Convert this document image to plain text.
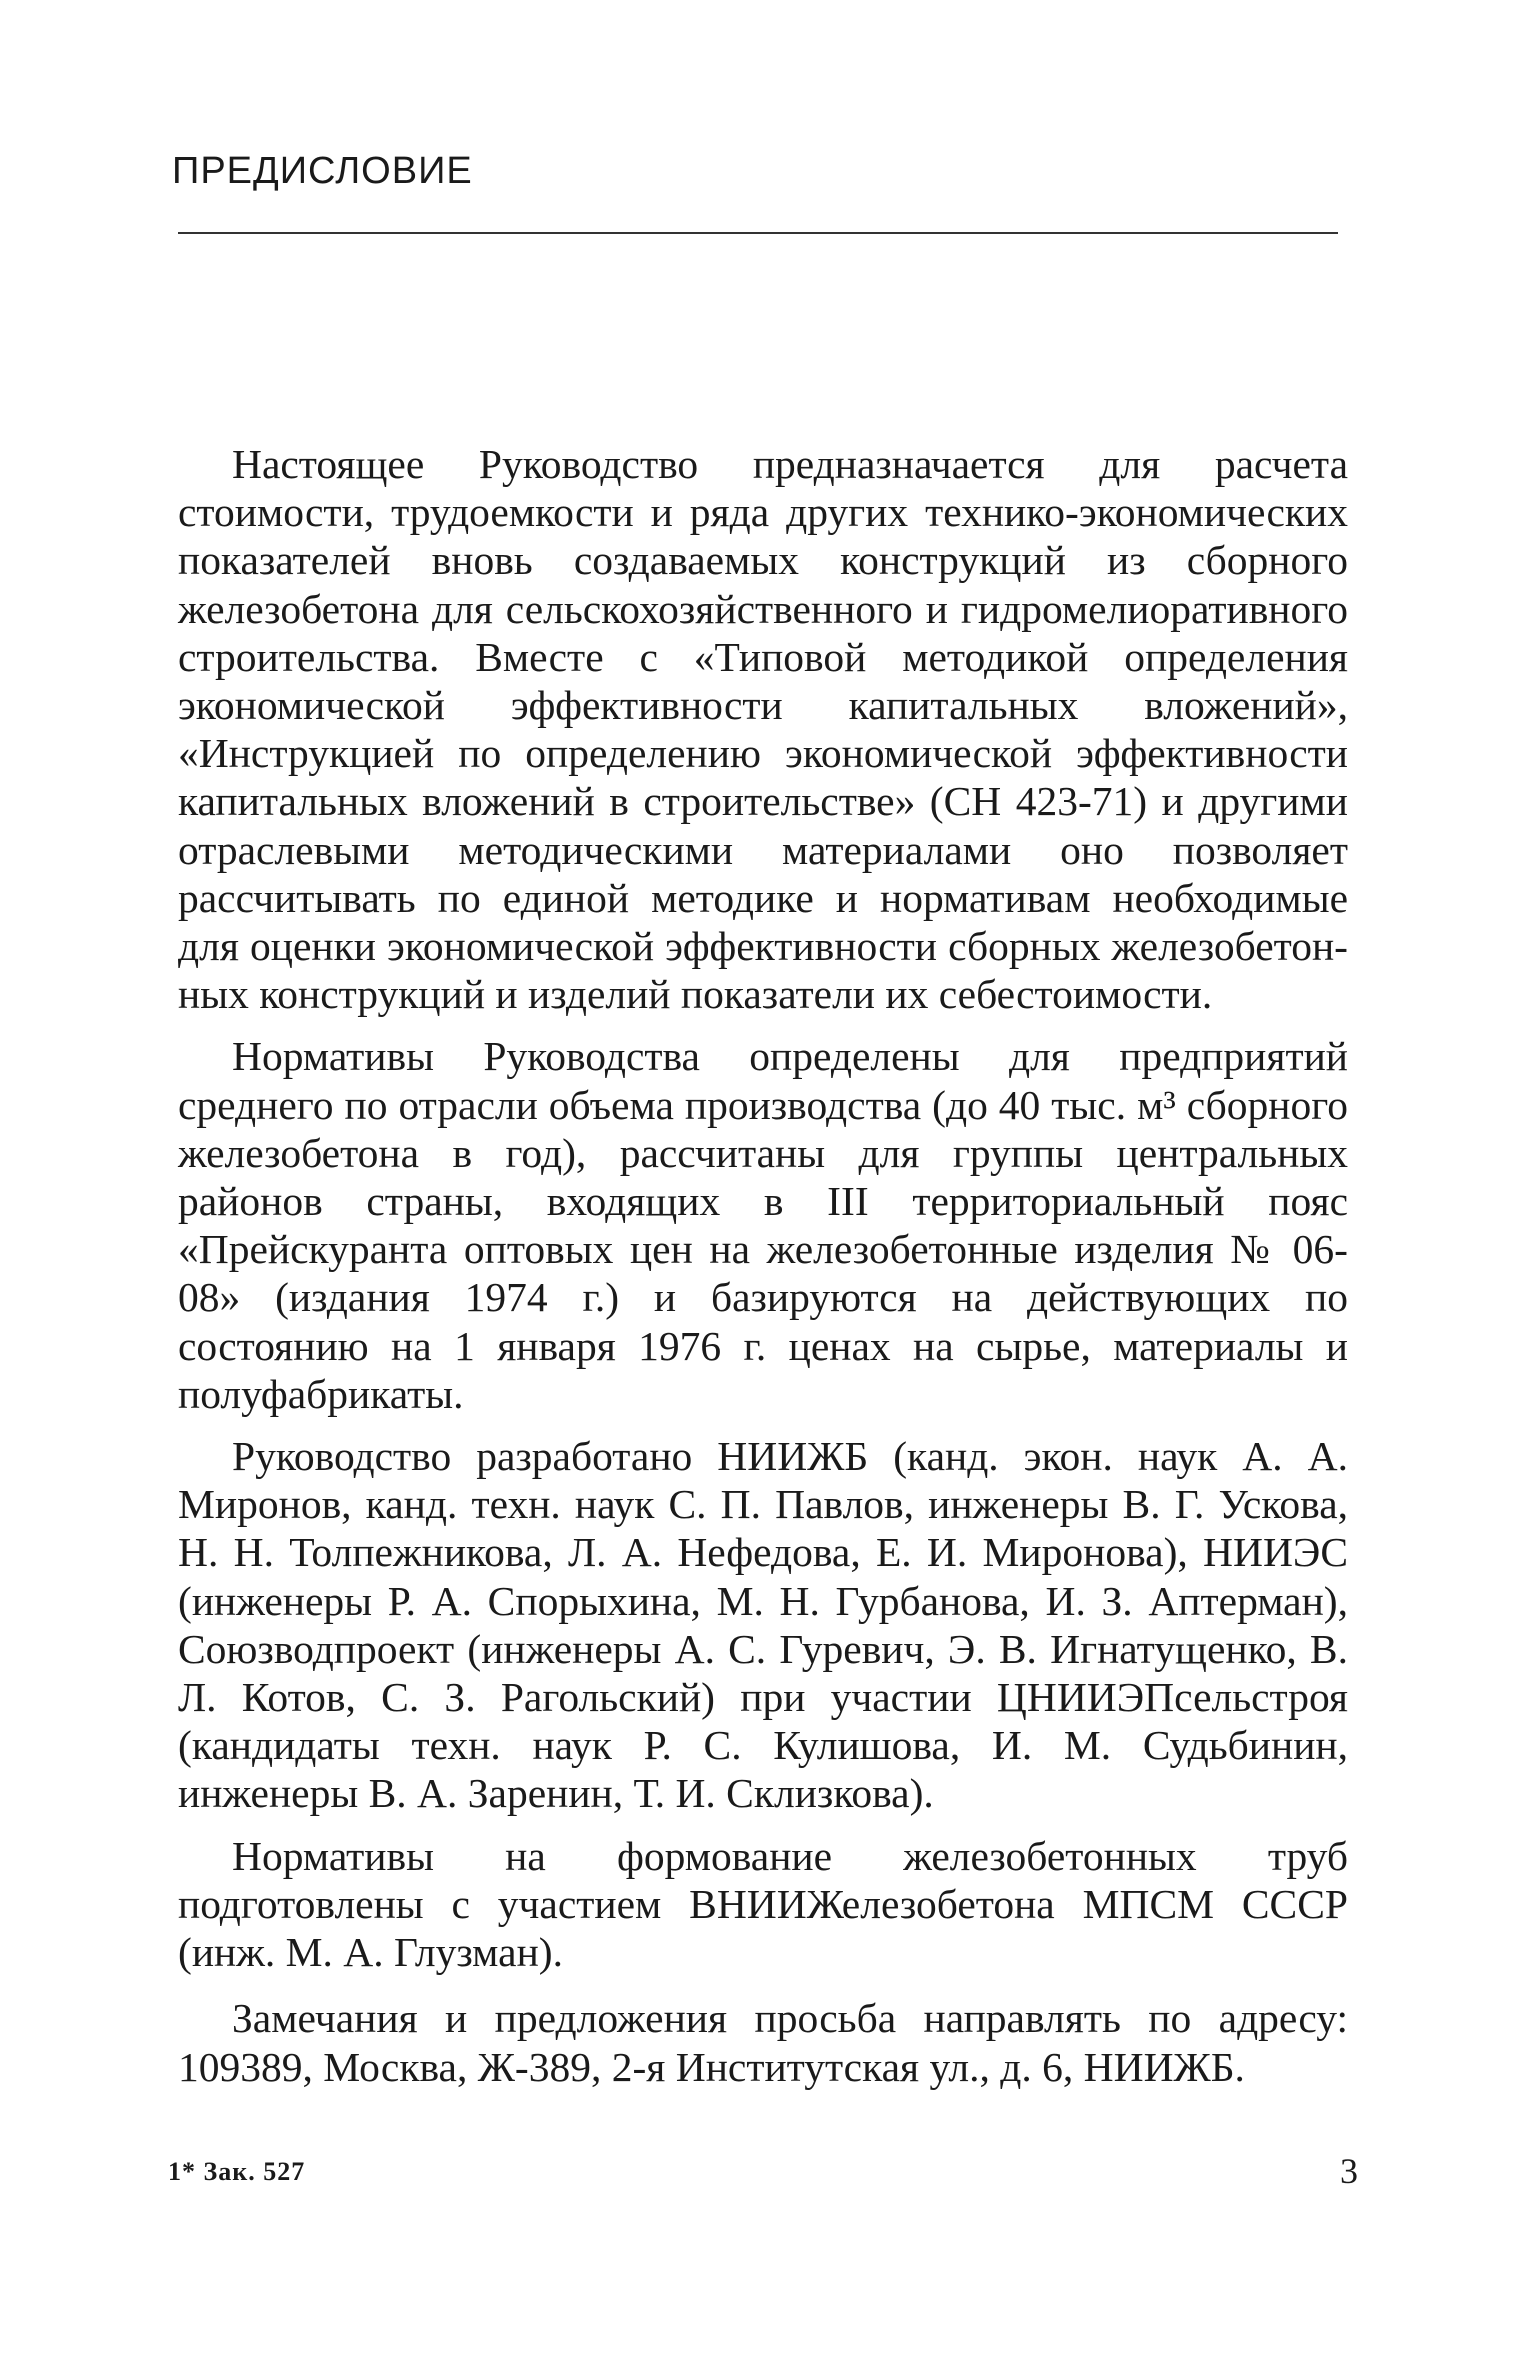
ПРЕДИСЛОВИЕ

Настоящее Руководство предназначается для расчета стоимости, трудоемкости и ряда других технико-экономических показателей вновь создаваемых конструкций из сборного железобетона для сельскохозяйственного и гидромелиоративного строительства. Вместе с «Типовой методикой определения экономической эффективности капитальных вложений», «Инструкцией по определению экономической эффективности капитальных вложений в строительстве» (СН 423-71) и другими отраслевыми методическими материалами оно позволяет рассчитывать по единой методике и нормативам необходимые для оценки экономической эффективности сборных железобетонных конструкций и изделий показатели их себестоимости.

Нормативы Руководства определены для предприятий среднего по отрасли объема производства (до 40 тыс. м³ сборного железобетона в год), рассчитаны для группы центральных районов страны, входящих в III территориальный пояс «Прейскуранта оптовых цен на железобетонные изделия № 06-08» (издания 1974 г.) и базируются на действующих по состоянию на 1 января 1976 г. ценах на сырье, материалы и полуфабрикаты.

Руководство разработано НИИЖБ (канд. экон. наук А. А. Миронов, канд. техн. наук С. П. Павлов, инженеры В. Г. Ускова, Н. Н. Толпежникова, Л. А. Нефедова, Е. И. Миронова), НИИЭС (инженеры Р. А. Спорыхина, М. Н. Гурбанова, И. З. Аптерман), Союзводпроект (инженеры А. С. Гуревич, Э. В. Игнатущенко, В. Л. Котов, С. З. Рагольский) при участии ЦНИИЭПсельстроя (кандидаты техн. наук Р. С. Кулишова, И. М. Судьбинин, инженеры В. А. Заренин, Т. И. Склизкова).

Нормативы на формование железобетонных труб подготовлены с участием ВНИИЖелезобетона МПСМ СССР (инж. М. А. Глузман).

Замечания и предложения просьба направлять по адресу: 109389, Москва, Ж-389, 2-я Институтская ул., д. 6, НИИЖБ.

1* Зак. 527	3
